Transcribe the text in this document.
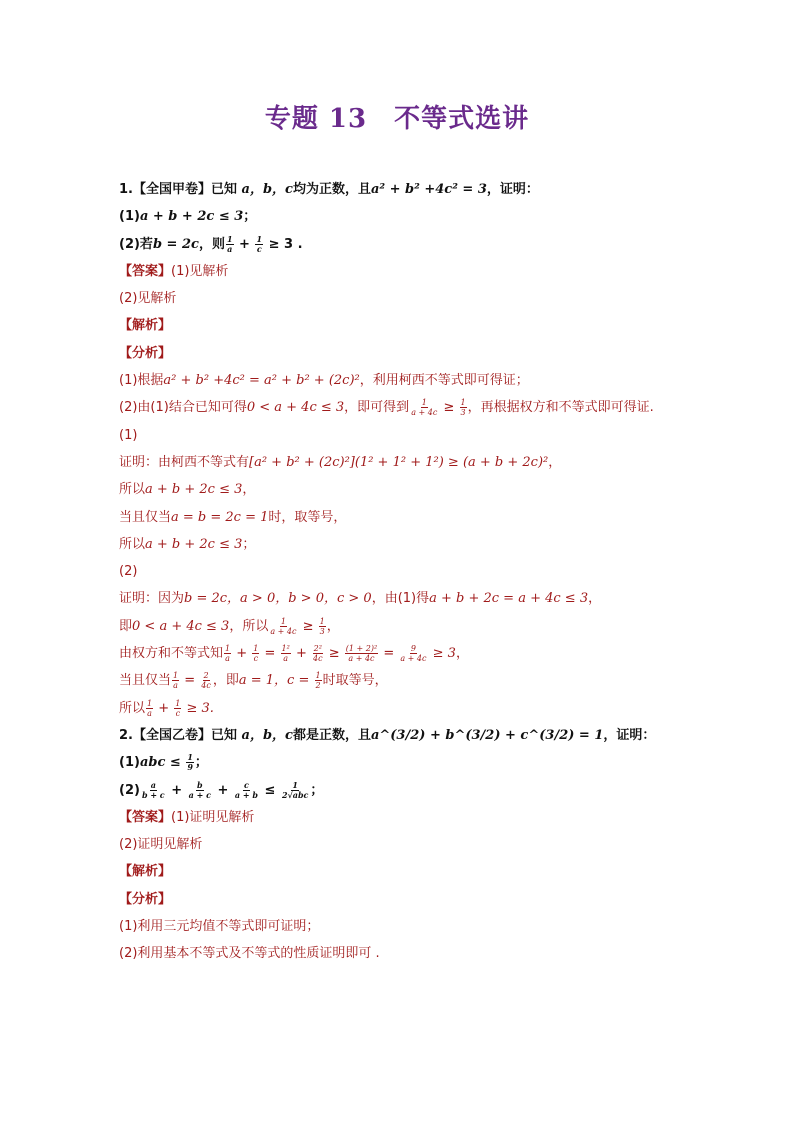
专题 13　不等式选讲
1.【全国甲卷】已知 a，b，c均为正数，且a² + b² +4c² = 3，证明：
(1)a + b + 2c ≤ 3；
(2)若b = 2c，则 $\frac{1}{a} + \frac{1}{c} \ge 3$ .
【答案】(1)见解析
(2)见解析
【解析】
【分析】
(1)根据a² + b² +4c² = a² + b² + (2c)²，利用柯西不等式即可得证；
(2)由(1)结合已知可得0 < a + 4c ≤ 3，即可得到 $\frac{1}{a + 4c} \ge \frac{1}{3}$ ，再根据权方和不等式即可得证.
(1)
证明：由柯西不等式有[a² + b² + (2c)²](1² + 1² + 1²) ≥ (a + b + 2c)²，
所以a + b + 2c ≤ 3，
当且仅当a = b = 2c = 1时，取等号，
所以a + b + 2c ≤ 3；
(2)
证明：因为b = 2c，a > 0，b > 0，c > 0，由(1)得a + b + 2c = a + 4c ≤ 3，
即0 < a + 4c ≤ 3，所以 $\frac{1}{a + 4c} \ge \frac{1}{3}$ ，
由权方和不等式知 $\frac{1}{a} + \frac{1}{c} = \frac{\text{1²}}{a} + \frac{\text{2²}}{4c} \ge \frac{\text{(1 + 2)²}}{a + 4c} = \frac{9}{a + 4c} \ge 3$，
当且仅当 $\frac{1}{a} = \frac{2}{4c}$ ，即a = 1，$c = \frac{1}{2}$ 时取等号，
所以 $\frac{1}{a} + \frac{1}{c} \ge 3$.
2.【全国乙卷】已知 a，b，c都是正数，且a^(3/2) + b^(3/2) + c^(3/2) = 1，证明：
$(1)abc \le \frac{1}{9}$ ；
$(2) \frac{a}{b + c} + \frac{b}{a + c} + \frac{c}{a + b} \le \frac{1}{\text{2√abc}}$ ；
【答案】(1)证明见解析
(2)证明见解析
【解析】
【分析】
(1)利用三元均值不等式即可证明；
(2)利用基本不等式及不等式的性质证明即可 .
